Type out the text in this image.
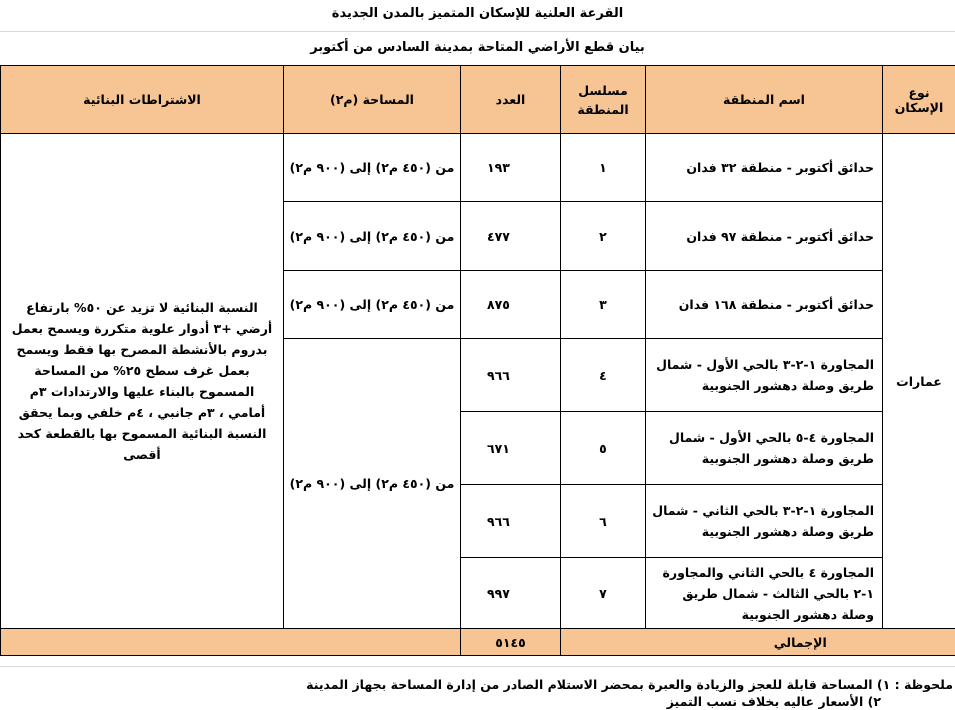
القرعة العلنية للإسكان المتميز بالمدن الجديدة
بيان قطع الأراضي المتاحة بمدينة السادس من أكتوبر
نوع الإسكان	اسم المنطقة	مسلسل المنطقة	العدد	المساحة (م٢)	الاشتراطات البنائية
عمارات	حدائق أكتوبر - منطقة ٣٢ فدان	١	١٩٣	من (٤٥٠ م٢) إلى (٩٠٠ م٢)	النسبة البنائية لا تزيد عن ٥٠% بارتفاع أرضي +٣ أدوار علوية متكررة ويسمح بعمل بدروم بالأنشطة المصرح بها فقط ويسمح بعمل غرف سطح ٢٥% من المساحة المسموح بالبناء عليها والارتدادات ٣م أمامي ، ٣م جانبي ، ٤م خلفي وبما يحقق النسبة البنائية المسموح بها بالقطعة كحد أقصى
	حدائق أكتوبر - منطقة ٩٧ فدان	٢	٤٧٧	من (٤٥٠ م٢) إلى (٩٠٠ م٢)	
	حدائق أكتوبر - منطقة ١٦٨ فدان	٣	٨٧٥	من (٤٥٠ م٢) إلى (٩٠٠ م٢)	
	المجاورة ١-٢-٣ بالحي الأول - شمال طريق وصلة دهشور الجنوبية	٤	٩٦٦	من (٤٥٠ م٢) إلى (٩٠٠ م٢)	
	المجاورة ٤-٥ بالحي الأول - شمال طريق وصلة دهشور الجنوبية	٥	٦٧١		
	المجاورة ١-٢-٣ بالحي الثاني - شمال طريق وصلة دهشور الجنوبية	٦	٩٦٦		
	المجاورة ٤ بالحي الثاني والمجاورة ١-٢ بالحي الثالث - شمال طريق وصلة دهشور الجنوبية	٧	٩٩٧		
الإجمالي			٥١٤٥		
ملحوظة : ١) المساحة قابلة للعجز والزيادة والعبرة بمحضر الاستلام الصادر من إدارة المساحة بجهاز المدينة
٢) الأسعار عاليه بخلاف نسب التميز
